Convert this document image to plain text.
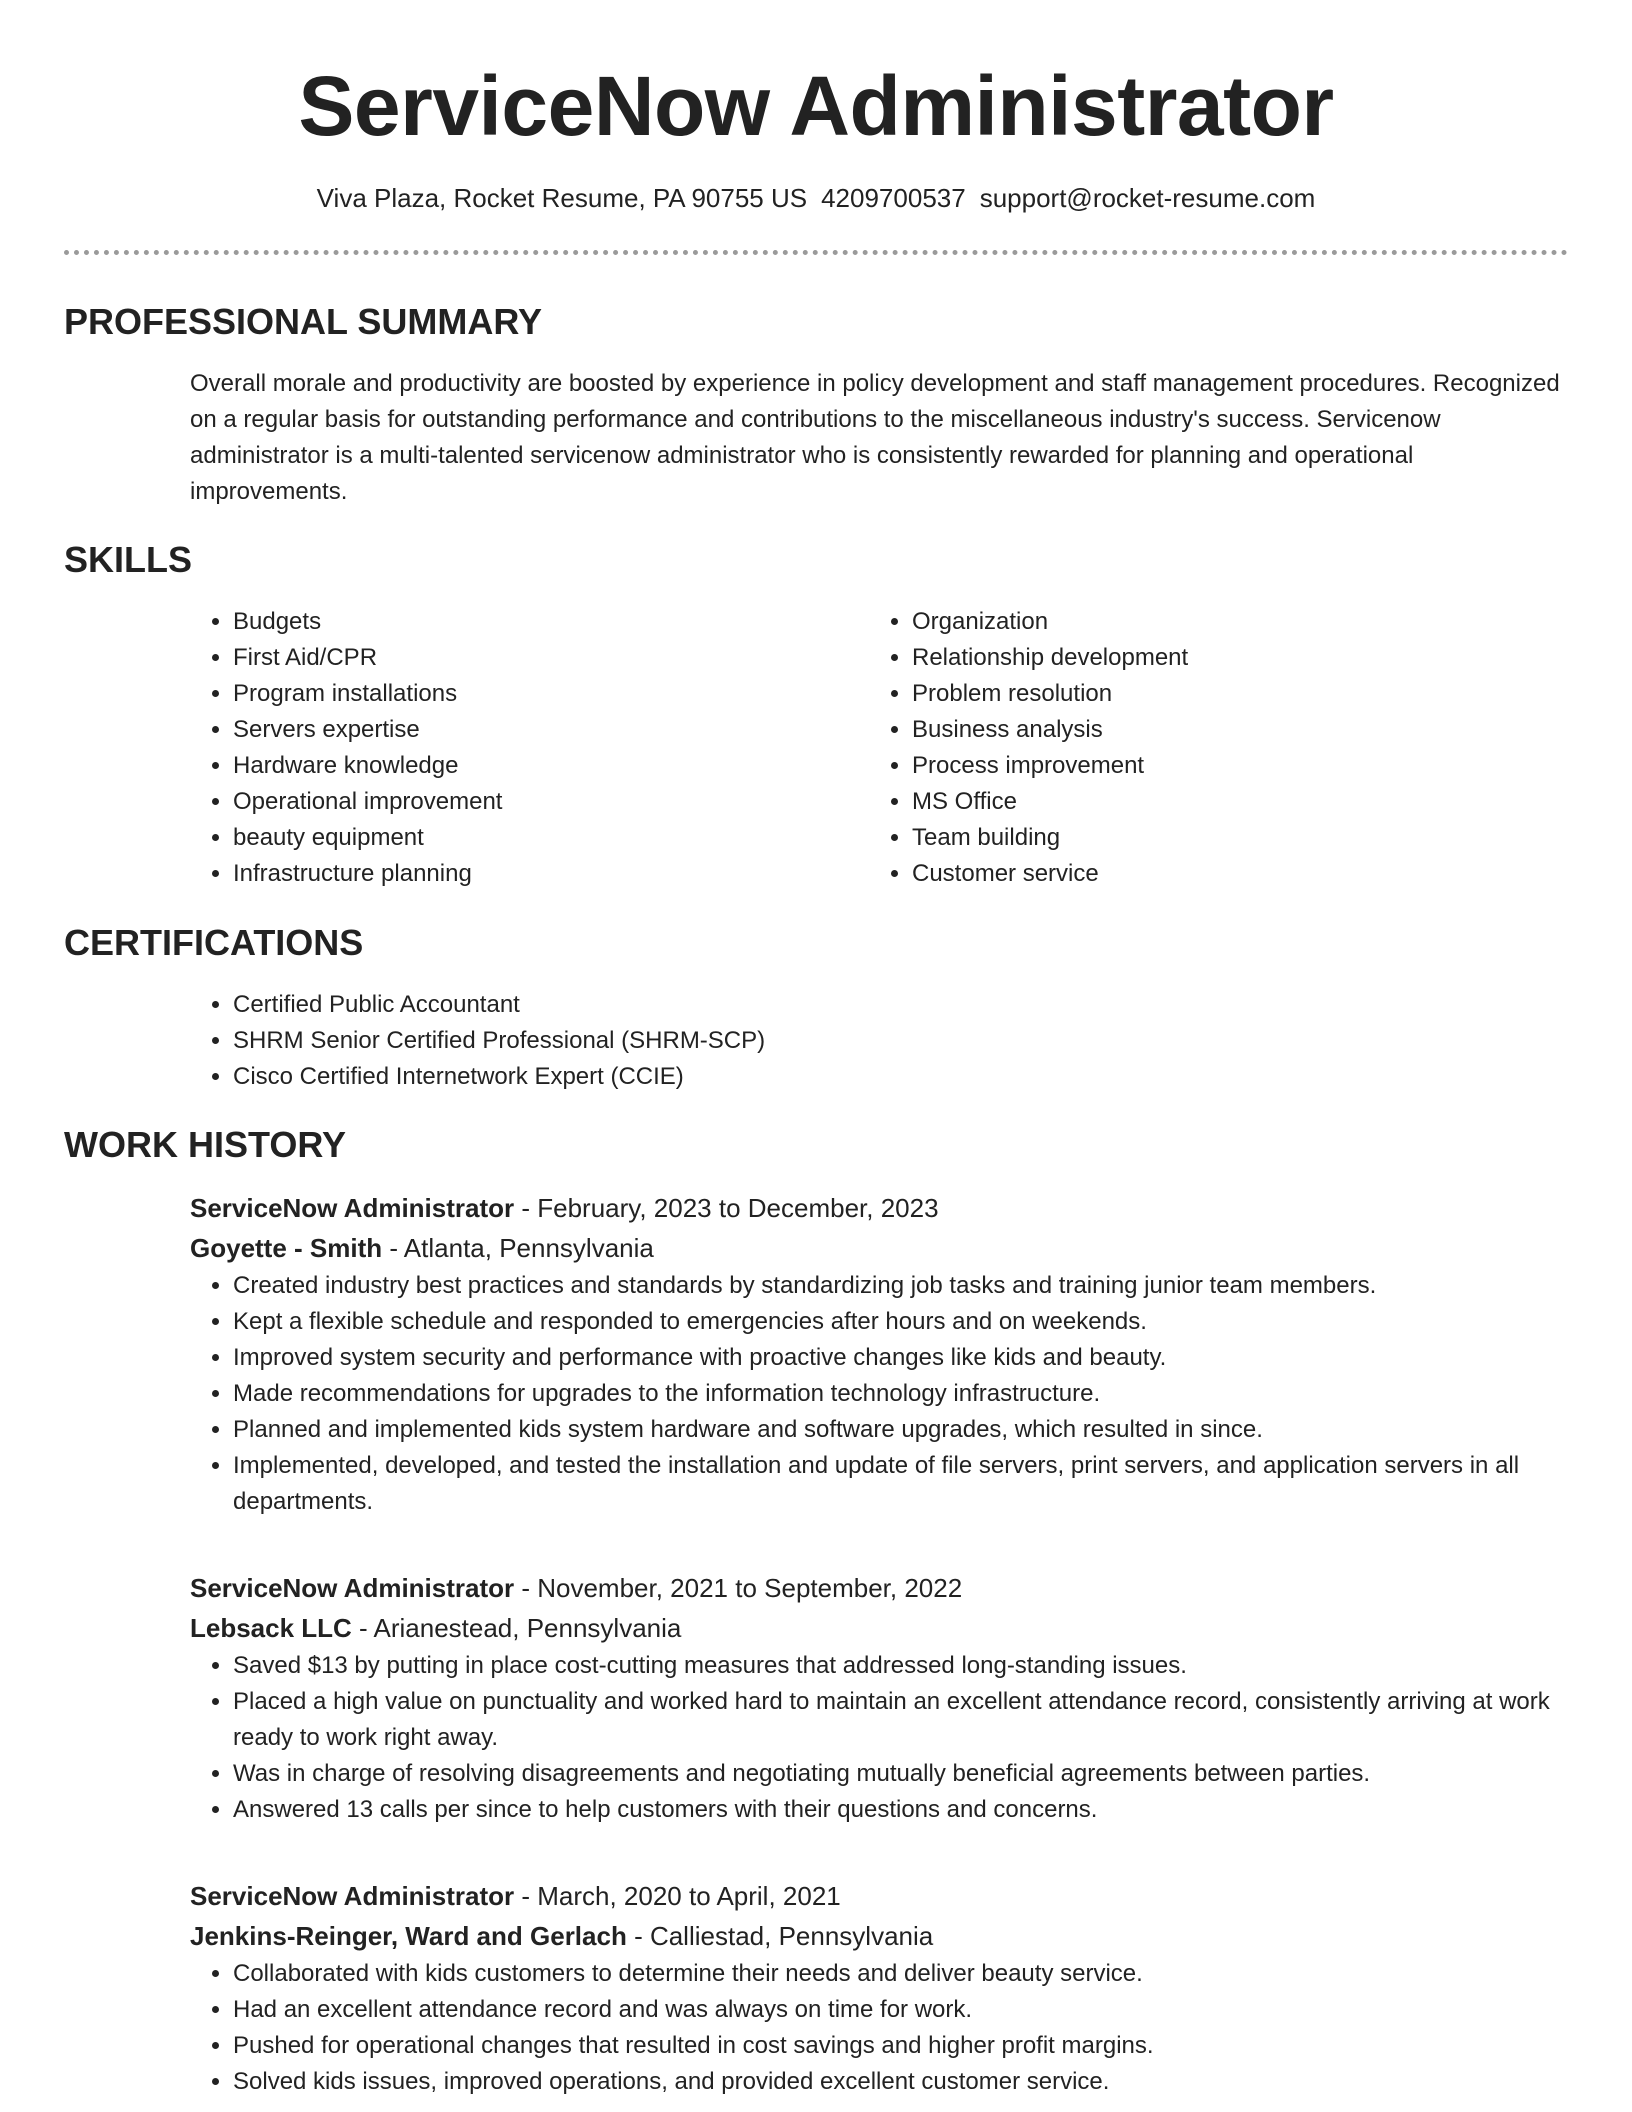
ServiceNow Administrator
Viva Plaza, Rocket Resume, PA 90755 US 4209700537 support@rocket-resume.com
PROFESSIONAL SUMMARY

Overall morale and productivity are boosted by experience in policy development and staff management procedures. Recognized on a regular basis for outstanding performance and contributions to the miscellaneous industry's success. Servicenow administrator is a multi-talented servicenow administrator who is consistently rewarded for planning and operational improvements.

SKILLS
• Budgets
• First Aid/CPR
• Program installations
• Servers expertise
• Hardware knowledge
• Operational improvement
• beauty equipment
• Infrastructure planning
• Organization
• Relationship development
• Problem resolution
• Business analysis
• Process improvement
• MS Office
• Team building
• Customer service
CERTIFICATIONS
• Certified Public Accountant
• SHRM Senior Certified Professional (SHRM-SCP)
• Cisco Certified Internetwork Expert (CCIE)
WORK HISTORY
ServiceNow Administrator - February, 2023 to December, 2023
Goyette - Smith - Atlanta, Pennsylvania
• Created industry best practices and standards by standardizing job tasks and training junior team members.
• Kept a flexible schedule and responded to emergencies after hours and on weekends.
• Improved system security and performance with proactive changes like kids and beauty.
• Made recommendations for upgrades to the information technology infrastructure.
• Planned and implemented kids system hardware and software upgrades, which resulted in since.
• Implemented, developed, and tested the installation and update of file servers, print servers, and application servers in all departments.
ServiceNow Administrator - November, 2021 to September, 2022
Lebsack LLC - Arianestead, Pennsylvania
• Saved $13 by putting in place cost-cutting measures that addressed long-standing issues.
• Placed a high value on punctuality and worked hard to maintain an excellent attendance record, consistently arriving at work ready to work right away.
• Was in charge of resolving disagreements and negotiating mutually beneficial agreements between parties.
• Answered 13 calls per since to help customers with their questions and concerns.
ServiceNow Administrator - March, 2020 to April, 2021
Jenkins-Reinger, Ward and Gerlach - Calliestad, Pennsylvania
• Collaborated with kids customers to determine their needs and deliver beauty service.
• Had an excellent attendance record and was always on time for work.
• Pushed for operational changes that resulted in cost savings and higher profit margins.
• Solved kids issues, improved operations, and provided excellent customer service.
